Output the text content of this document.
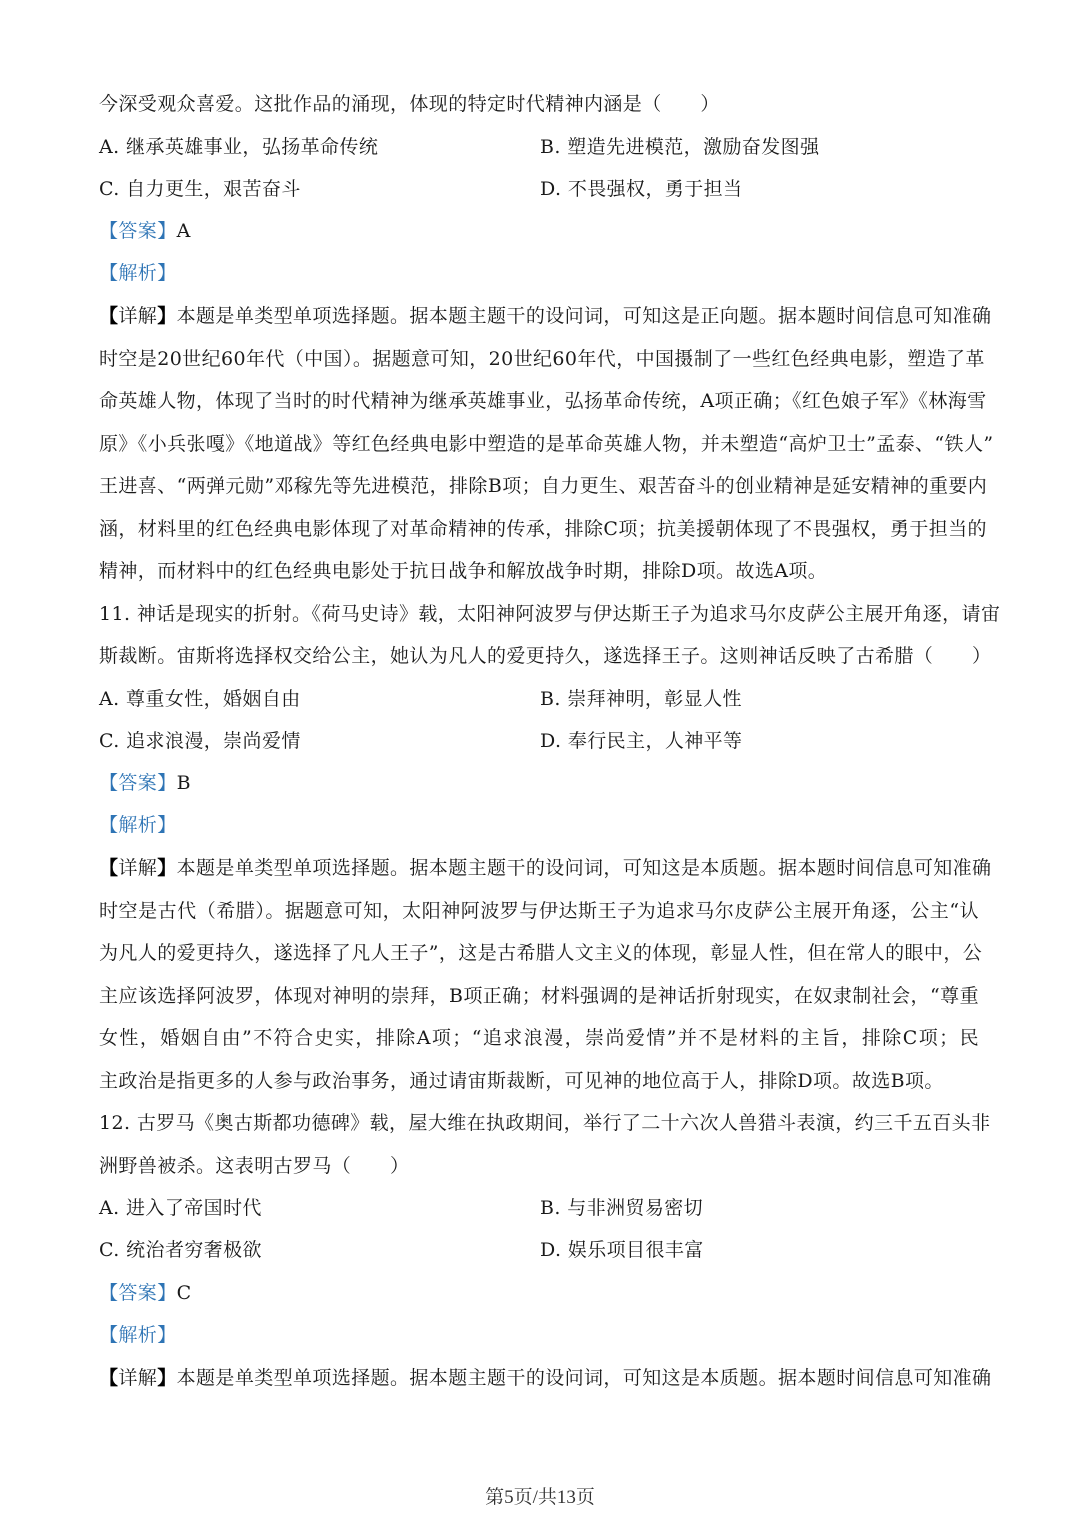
今深受观众喜爱。这批作品的涌现，体现的特定时代精神内涵是（　　）
A. 继承英雄事业，弘扬革命传统	B. 塑造先进模范，激励奋发图强
C. 自力更生，艰苦奋斗	D. 不畏强权，勇于担当
【答案】A
【解析】
【详解】本题是单类型单项选择题。据本题主题干的设问词，可知这是正向题。据本题时间信息可知准确
时空是20世纪60年代（中国）。据题意可知，20世纪60年代，中国摄制了一些红色经典电影，塑造了革
命英雄人物，体现了当时的时代精神为继承英雄事业，弘扬革命传统，A项正确；《红色娘子军》《林海雪
原》《小兵张嘎》《地道战》等红色经典电影中塑造的是革命英雄人物，并未塑造“高炉卫士”孟泰、“铁人”
王进喜、“两弹元勋”邓稼先等先进模范，排除B项；自力更生、艰苦奋斗的创业精神是延安精神的重要内
涵，材料里的红色经典电影体现了对革命精神的传承，排除C项；抗美援朝体现了不畏强权，勇于担当的
精神，而材料中的红色经典电影处于抗日战争和解放战争时期，排除D项。故选A项。
11. 神话是现实的折射。《荷马史诗》载，太阳神阿波罗与伊达斯王子为追求马尔皮萨公主展开角逐，请宙
斯裁断。宙斯将选择权交给公主，她认为凡人的爱更持久，遂选择王子。这则神话反映了古希腊（　　）
A. 尊重女性，婚姻自由	B. 崇拜神明，彰显人性
C. 追求浪漫，崇尚爱情	D. 奉行民主，人神平等
【答案】B
【解析】
【详解】本题是单类型单项选择题。据本题主题干的设问词，可知这是本质题。据本题时间信息可知准确
时空是古代（希腊）。据题意可知，太阳神阿波罗与伊达斯王子为追求马尔皮萨公主展开角逐，公主“认
为凡人的爱更持久，遂选择了凡人王子”，这是古希腊人文主义的体现，彰显人性，但在常人的眼中，公
主应该选择阿波罗，体现对神明的崇拜，B项正确；材料强调的是神话折射现实，在奴隶制社会，“尊重
女性，婚姻自由”不符合史实，排除A项；“追求浪漫，崇尚爱情”并不是材料的主旨，排除C项；民
主政治是指更多的人参与政治事务，通过请宙斯裁断，可见神的地位高于人，排除D项。故选B项。
12. 古罗马《奥古斯都功德碑》载，屋大维在执政期间，举行了二十六次人兽猎斗表演，约三千五百头非
洲野兽被杀。这表明古罗马（　　）
A. 进入了帝国时代	B. 与非洲贸易密切
C. 统治者穷奢极欲	D. 娱乐项目很丰富
【答案】C
【解析】
【详解】本题是单类型单项选择题。据本题主题干的设问词，可知这是本质题。据本题时间信息可知准确
第5页/共13页
